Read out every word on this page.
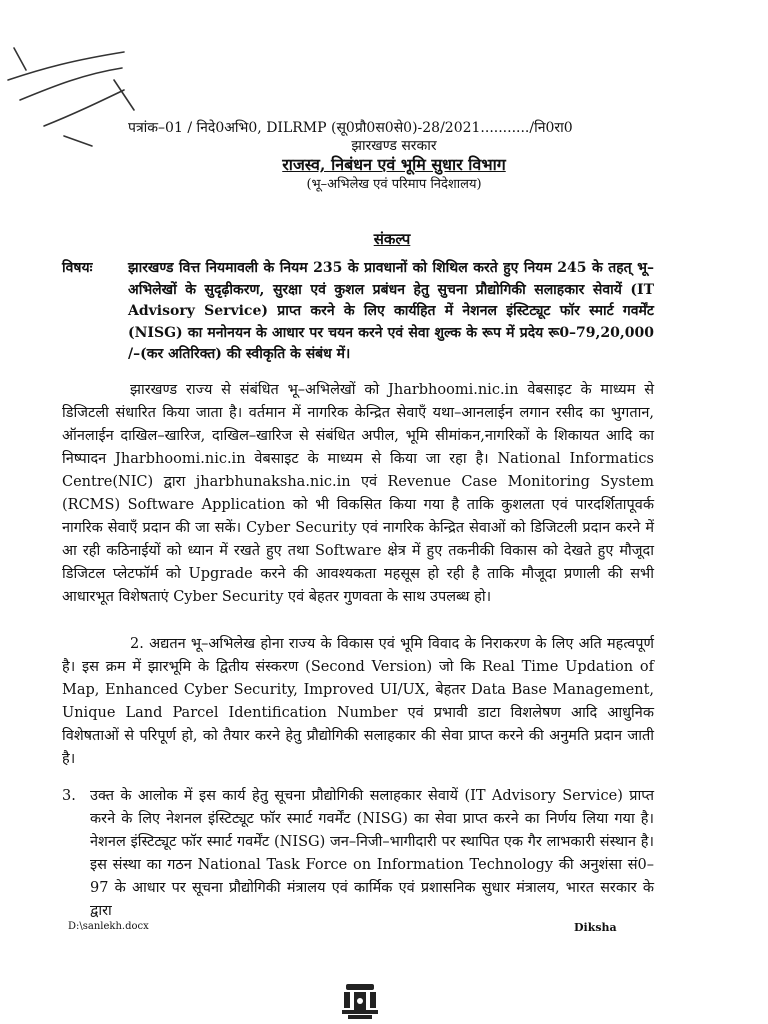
1 AR 13/6/2022 24/06/22
पत्रांक–01 / निदे0अभि0, DILRMP (सू0प्रौ0स0से0)-28/2021.........../नि0रा0
झारखण्ड सरकार
राजस्व, निबंधन एवं भूमि सुधार विभाग
(भू–अभिलेख एवं परिमाप निदेशालय)
संकल्प
विषयः	झारखण्ड वित्त नियमावली के नियम 235 के प्रावधानों को शिथिल करते हुए नियम 245 के तहत् भू–अभिलेखों के सुदृढ़ीकरण, सुरक्षा एवं कुशल प्रबंधन हेतु सुचना प्रौद्योगिकी सलाहकार सेवायें (IT Advisory Service) प्राप्त करने के लिए कार्यहित में नेशनल इंस्टिट्यूट फॉर स्मार्ट गवर्मेंट (NISG) का मनोनयन के आधार पर चयन करने एवं सेवा शुल्क के रूप में प्रदेय रू0–79,20,000 /–(कर अतिरिक्त) की स्वीकृति के संबंध में।
झारखण्ड राज्य से संबंधित भू–अभिलेखों को Jharbhoomi.nic.in वेबसाइट के माध्यम से डिजिटली संधारित किया जाता है। वर्तमान में नागरिक केन्द्रित सेवाएँ यथा–आनलाईन लगान रसीद का भुगतान, ऑनलाईन दाखिल–खारिज, दाखिल–खारिज से संबंधित अपील, भूमि सीमांकन,नागरिकों के शिकायत आदि का निष्पादन Jharbhoomi.nic.in वेबसाइट के माध्यम से किया जा रहा है। National Informatics Centre(NIC) द्वारा jharbhunaksha.nic.in एवं Revenue Case Monitoring System (RCMS) Software Application को भी विकसित किया गया है ताकि कुशलता एवं पारदर्शितापूवर्क नागरिक सेवाएँ प्रदान की जा सकें। Cyber Security एवं नागरिक केन्द्रित सेवाओं को डिजिटली प्रदान करने में आ रही कठिनाईयों को ध्यान में रखते हुए तथा Software क्षेत्र में हुए तकनीकी विकास को देखते हुए मौजूदा डिजिटल प्लेटफॉर्म को Upgrade करने की आवश्यकता महसूस हो रही है ताकि मौजूदा प्रणाली की सभी आधारभूत विशेषताएं Cyber Security एवं बेहतर गुणवता के साथ उपलब्ध हो।
2. अद्यतन भू–अभिलेख होना राज्य के विकास एवं भूमि विवाद के निराकरण के लिए अति महत्वपूर्ण है। इस क्रम में झारभूमि के द्वितीय संस्करण (Second Version) जो कि Real Time Updation of Map, Enhanced Cyber Security, Improved UI/UX, बेहतर Data Base Management, Unique Land Parcel Identification Number एवं प्रभावी डाटा विशलेषण आदि आधुनिक विशेषताओं से परिपूर्ण हो, को तैयार करने हेतु प्रौद्योगिकी सलाहकार की सेवा प्राप्त करने की अनुमति प्रदान जाती है।
3. उक्त के आलोक में इस कार्य हेतु सूचना प्रौद्योगिकी सलाहकार सेवायें (IT Advisory Service) प्राप्त करने के लिए नेशनल इंस्टिट्यूट फॉर स्मार्ट गवर्मेंट (NISG) का सेवा प्राप्त करने का निर्णय लिया गया है। नेशनल इंस्टिट्यूट फॉर स्मार्ट गवर्मेंट (NISG) जन–निजी–भागीदारी पर स्थापित एक गैर लाभकारी संस्थान है। इस संस्था का गठन National Task Force on Information Technology की अनुशंसा सं0–97 के आधार पर सूचना प्रौद्योगिकी मंत्रालय एवं कार्मिक एवं प्रशासनिक सुधार मंत्रालय, भारत सरकार के द्वारा
D:\sanlekh.docx	Diksha
